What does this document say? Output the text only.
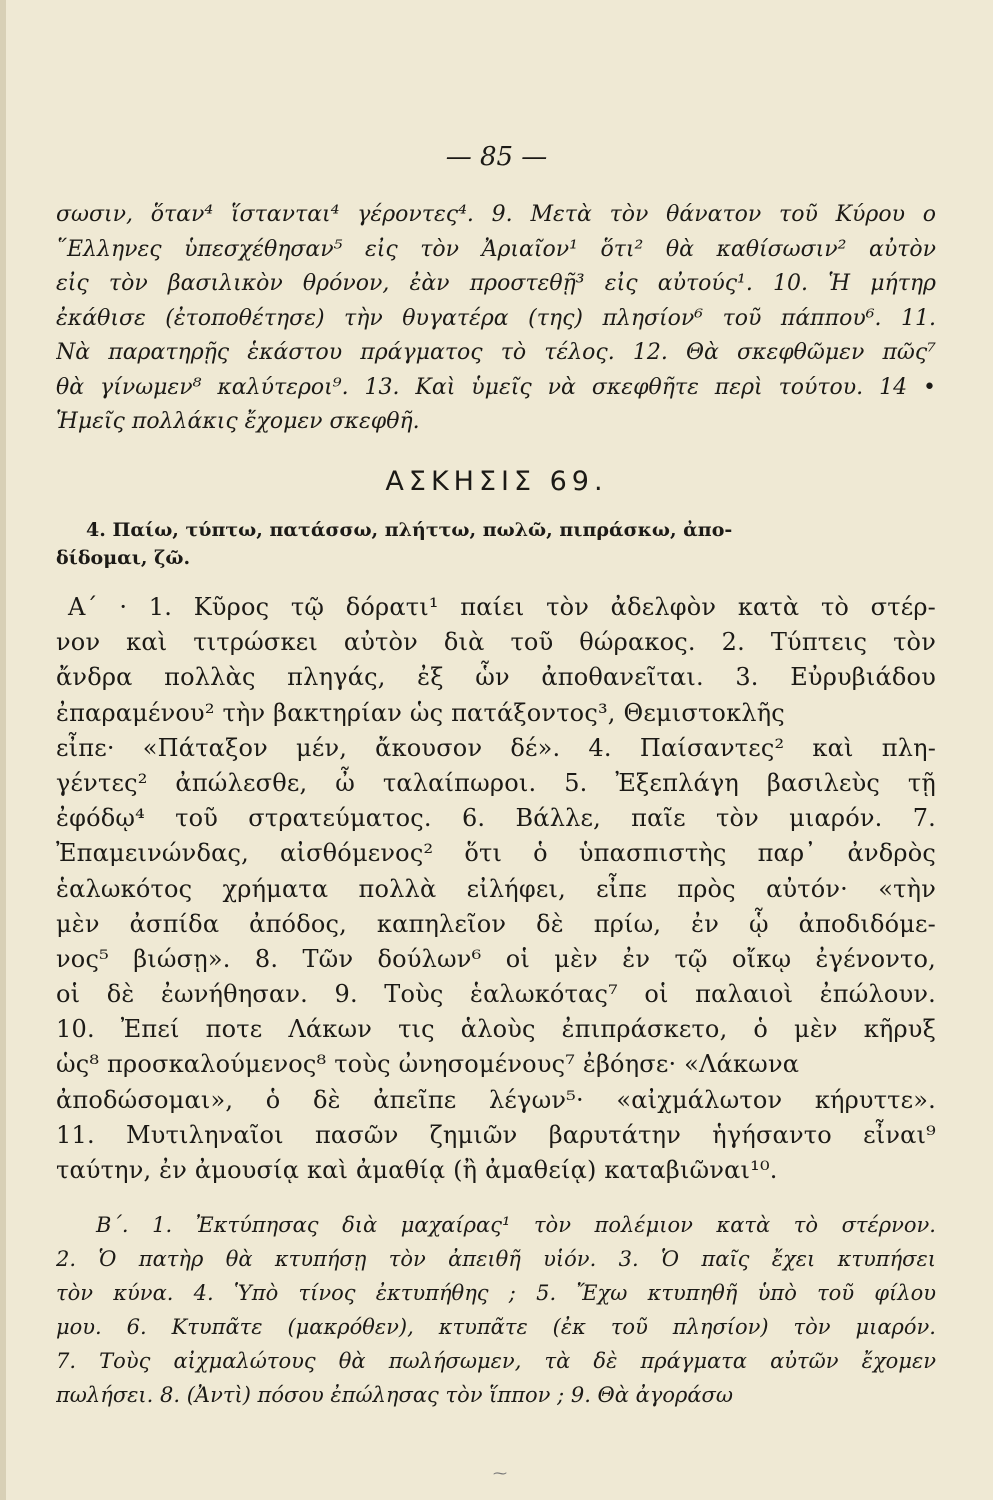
— 85 —
σωσιν, ὅταν⁴ ἵστανται⁴ γέροντες⁴. 9. Μετὰ τὸν θάνατον τοῦ Κύρου ο
῞Ελληνες ὑπεσχέθησαν⁵ εἰς τὸν Ἀριαῖον¹ ὅτι² θὰ καθίσωσιν² αὐτὸν
εἰς τὸν βασιλικὸν θρόνον, ἐὰν προστεθῇ³ εἰς αὐτούς¹. 10. Ἡ μήτηρ
ἐκάθισε (ἐτοποθέτησε) τὴν θυγατέρα (της) πλησίον⁶ τοῦ πάππου⁶. 11.
Νὰ παρατηρῇς ἑκάστου πράγματος τὸ τέλος. 12. Θὰ σκεφθῶμεν πῶς⁷
θὰ γίνωμεν⁸ καλύτεροι⁹. 13. Καὶ ὑμεῖς νὰ σκεφθῆτε περὶ τούτου. 14 •
Ἡμεῖς πολλάκις ἔχομεν σκεφθῆ.
ΑΣΚΗΣΙΣ 69.
4. Παίω, τύπτω, πατάσσω, πλήττω, πωλῶ, πιπράσκω, ἀπο-
δίδομαι, ζῶ.
Α΄ · 1. Κῦρος τῷ δόρατι¹ παίει τὸν ἀδελφὸν κατὰ τὸ στέρ-
νον καὶ τιτρώσκει αὐτὸν διὰ τοῦ θώρακος. 2. Τύπτεις τὸν
ἄνδρα πολλὰς πληγάς, ἐξ ὧν ἀποθανεῖται. 3. Εὐρυβιάδου
ἐπαραμένου² τὴν βακτηρίαν ὡς πατάξοντος³, Θεμιστοκλῆς
εἶπε· «Πάταξον μέν, ἄκουσον δέ». 4. Παίσαντες² καὶ πλη-
γέντες² ἀπώλεσθε, ὦ ταλαίπωροι. 5. Ἐξεπλάγη βασιλεὺς τῇ
ἐφόδῳ⁴ τοῦ στρατεύματος. 6. Βάλλε, παῖε τὸν μιαρόν. 7.
Ἐπαμεινώνδας, αἰσθόμενος² ὅτι ὁ ὑπασπιστὴς παρ᾽ ἀνδρὸς
ἑαλωκότος χρήματα πολλὰ εἰλήφει, εἶπε πρὸς αὐτόν· «τὴν
μὲν ἀσπίδα ἀπόδος, καπηλεῖον δὲ πρίω, ἐν ᾧ ἀποδιδόμε-
νος⁵ βιώσῃ». 8. Τῶν δούλων⁶ οἱ μὲν ἐν τῷ οἴκῳ ἐγένοντο,
οἱ δὲ ἐωνήθησαν. 9. Τοὺς ἑαλωκότας⁷ οἱ παλαιοὶ ἐπώλουν.
10. Ἐπεί ποτε Λάκων τις ἁλοὺς ἐπιπράσκετο, ὁ μὲν κῆρυξ
ὡς⁸ προσκαλούμενος⁸ τοὺς ὠνησομένους⁷ ἐβόησε· «Λάκωνα
ἀποδώσομαι», ὁ δὲ ἀπεῖπε λέγων⁵· «αἰχμάλωτον κήρυττε».
11. Μυτιληναῖοι πασῶν ζημιῶν βαρυτάτην ἡγήσαντο εἶναι⁹
ταύτην, ἐν ἀμουσίᾳ καὶ ἀμαθίᾳ (ἢ ἀμαθείᾳ) καταβιῶναι¹⁰.
Β΄. 1. Ἐκτύπησας διὰ μαχαίρας¹ τὸν πολέμιον κατὰ τὸ στέρνον.
2. Ὁ πατὴρ θὰ κτυπήσῃ τὸν ἀπειθῆ υἱόν. 3. Ὁ παῖς ἔχει κτυπήσει
τὸν κύνα. 4. Ὑπὸ τίνος ἐκτυπήθης ; 5. Ἔχω κτυπηθῆ ὑπὸ τοῦ φίλου
μου. 6. Κτυπᾶτε (μακρόθεν), κτυπᾶτε (ἐκ τοῦ πλησίον) τὸν μιαρόν.
7. Τοὺς αἰχμαλώτους θὰ πωλήσωμεν, τὰ δὲ πράγματα αὐτῶν ἔχομεν
πωλήσει. 8. (Ἀντὶ) πόσου ἐπώλησας τὸν ἵππον ; 9. Θὰ ἀγοράσω
⁓
